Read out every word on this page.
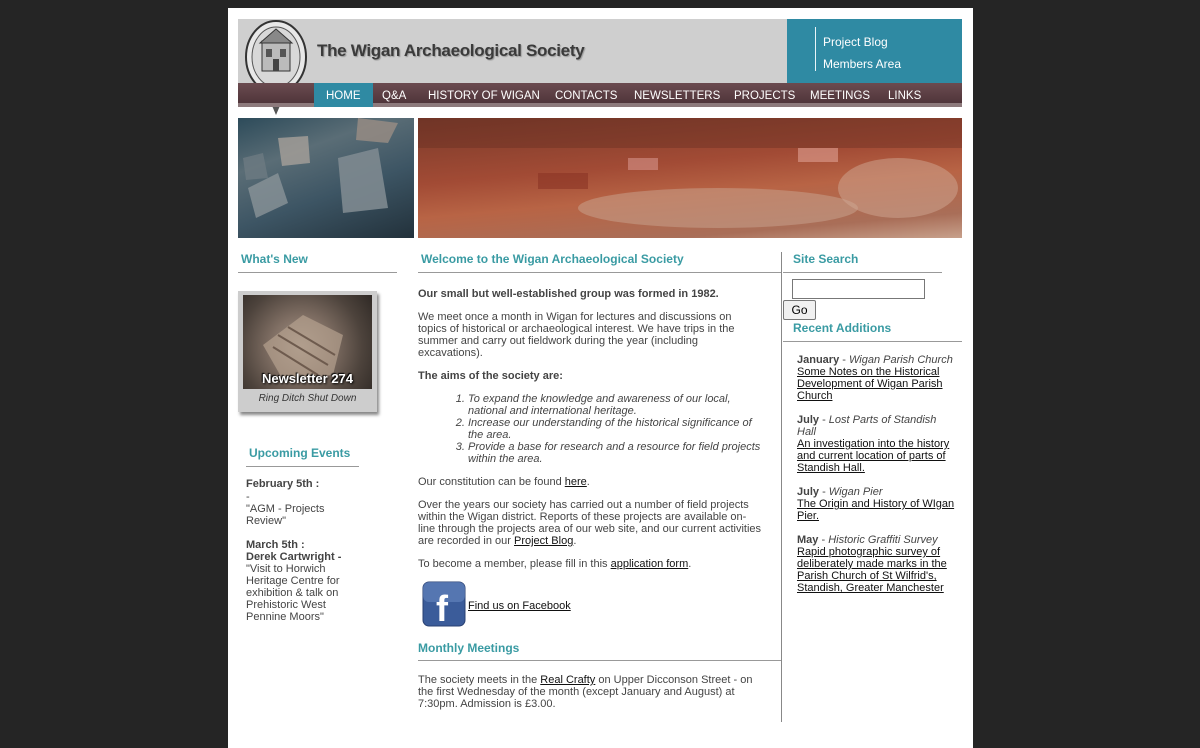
The Wigan Archaeological Society	Project Blog
Members Area
HOME	Q&A	HISTORY OF WIGAN	CONTACTS	NEWSLETTERS	PROJECTS	MEETINGS	LINKS
What's New
Newsletter 274
Ring Ditch Shut Down
Upcoming Events
February 5th :
-
"AGM - Projects Review"
March 5th :
Derek Cartwright -
"Visit to Horwich Heritage Centre for exhibition & talk on Prehistoric West Pennine Moors"
Welcome to the Wigan Archaeological Society

Our small but well-established group was formed in 1982.

We meet once a month in Wigan for lectures and discussions on topics of historical or archaeological interest. We have trips in the summer and carry out fieldwork during the year (including excavations).

The aims of the society are:

1. To expand the knowledge and awareness of our local, national and international heritage.
2. Increase our understanding of the historical significance of the area.
3. Provide a base for research and a resource for field projects within the area.

Our constitution can be found here.

Over the years our society has carried out a number of field projects within the Wigan district. Reports of these projects are available on-line through the projects area of our web site, and our current activities are recorded in our Project Blog.

To become a member, please fill in this application form.

f Find us on Facebook
Monthly Meetings
The society meets in the Real Crafty on Upper Dicconson Street - on the first Wednesday of the month (except January and August) at 7:30pm. Admission is £3.00.
Site Search
Go
Recent Additions
January - Wigan Parish Church
Some Notes on the Historical Development of Wigan Parish Church
July - Lost Parts of Standish Hall
An investigation into the history and current location of parts of Standish Hall.
July - Wigan Pier
The Origin and History of WIgan Pier.
May - Historic Graffiti Survey
Rapid photographic survey of deliberately made marks in the Parish Church of St Wilfrid's, Standish, Greater Manchester
